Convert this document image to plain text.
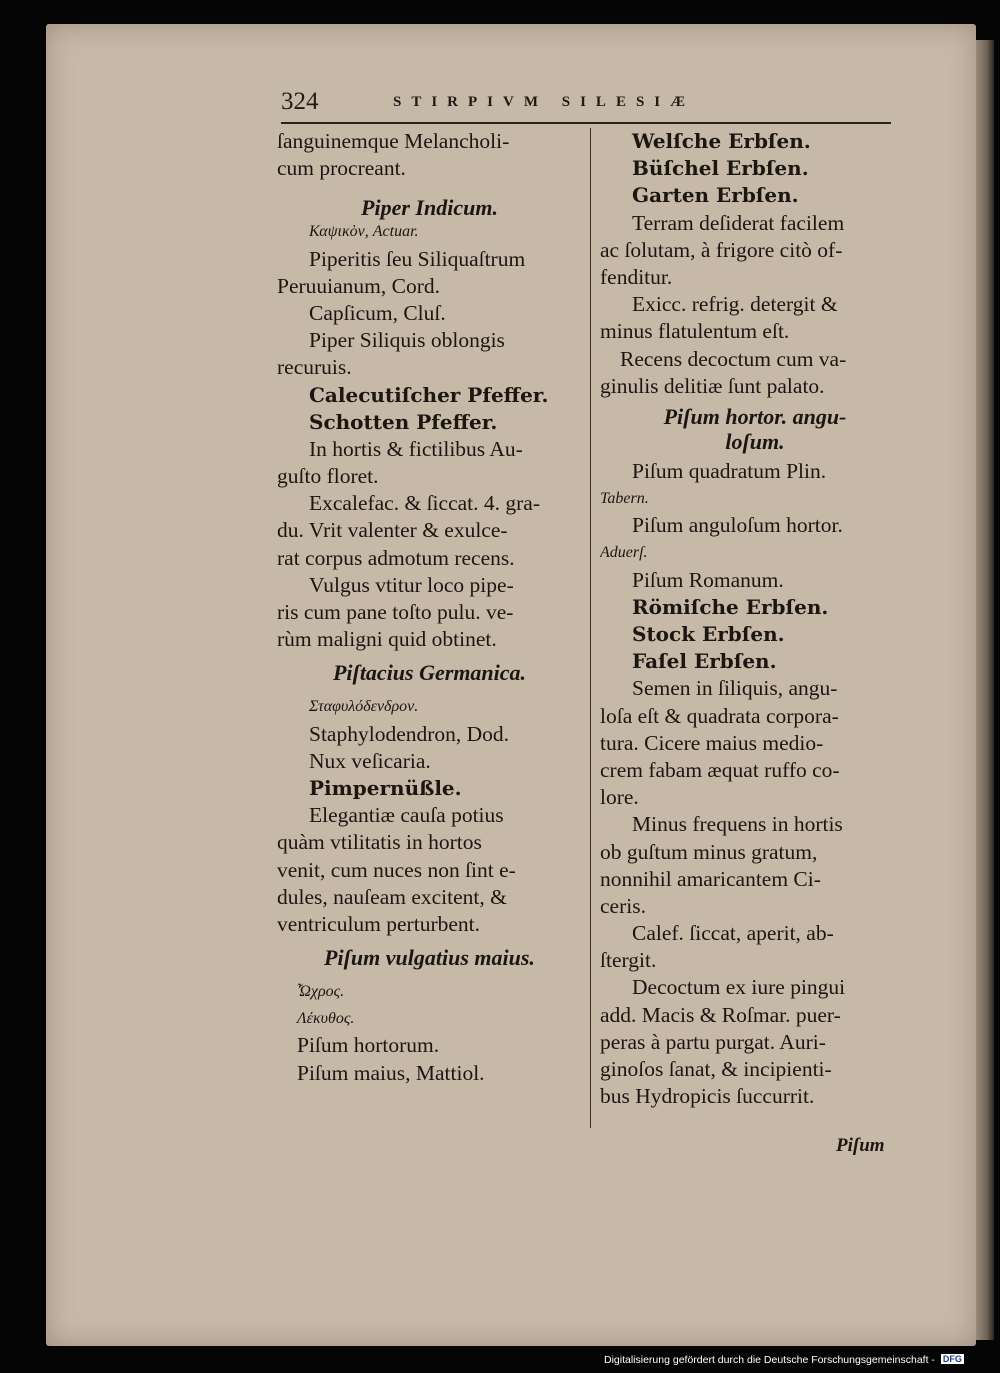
324	STIRPIVM SILESIÆ
ſanguinemque Melancholi-
cum procreant.
Piper Indicum.
Καψικὸν, Actuar.
Piperitis ſeu Siliquaſtrum
Peruuianum, Cord.
Capſicum, Cluſ.
Piper Siliquis oblongis
recuruis.
Calecutiſcher Pfeffer.
Schotten Pfeffer.
In hortis & fictilibus Au-
guſto floret.
Excalefac. & ſiccat. 4. gra-
du. Vrit valenter & exulce-
rat corpus admotum recens.
Vulgus vtitur loco pipe-
ris cum pane toſto pulu. ve-
rùm maligni quid obtinet.
Piſtacius Germanica.
Σταφυλόδενδρον.
Staphylodendron, Dod.
Nux veſicaria.
Pimpernüßle.
Elegantiæ cauſa potius
quàm vtilitatis in hortos
venit, cum nuces non ſint e-
dules, nauſeam excitent, &
ventriculum perturbent.
Piſum vulgatius maius.
Ὦχρος.
Λέκυθος.
Piſum hortorum.
Piſum maius, Mattiol.
Welſche Erbſen.
Büſchel Erbſen.
Garten Erbſen.
Terram deſiderat facilem
ac ſolutam, à frigore citò of-
fenditur.
Exicc. refrig. detergit &
minus flatulentum eſt.
Recens decoctum cum va-
ginulis delitiæ ſunt palato.
Piſum hortor. angu-
loſum.
Piſum quadratum Plin.
Tabern.
Piſum anguloſum hortor.
Aduerſ.
Piſum Romanum.
Römiſche Erbſen.
Stock Erbſen.
Faſel Erbſen.
Semen in ſiliquis, angu-
loſa eſt & quadrata corpora-
tura. Cicere maius medio-
crem fabam æquat ruffo co-
lore.
Minus frequens in hortis
ob guſtum minus gratum,
nonnihil amaricantem Ci-
ceris.
Calef. ſiccat, aperit, ab-
ſtergit.
Decoctum ex iure pingui
add. Macis & Roſmar. puer-
peras à partu purgat. Auri-
ginoſos ſanat, & incipienti-
bus Hydropicis ſuccurrit.
Piſum
Digitalisierung gefördert durch die Deutsche Forschungsgemeinschaft - DFG
